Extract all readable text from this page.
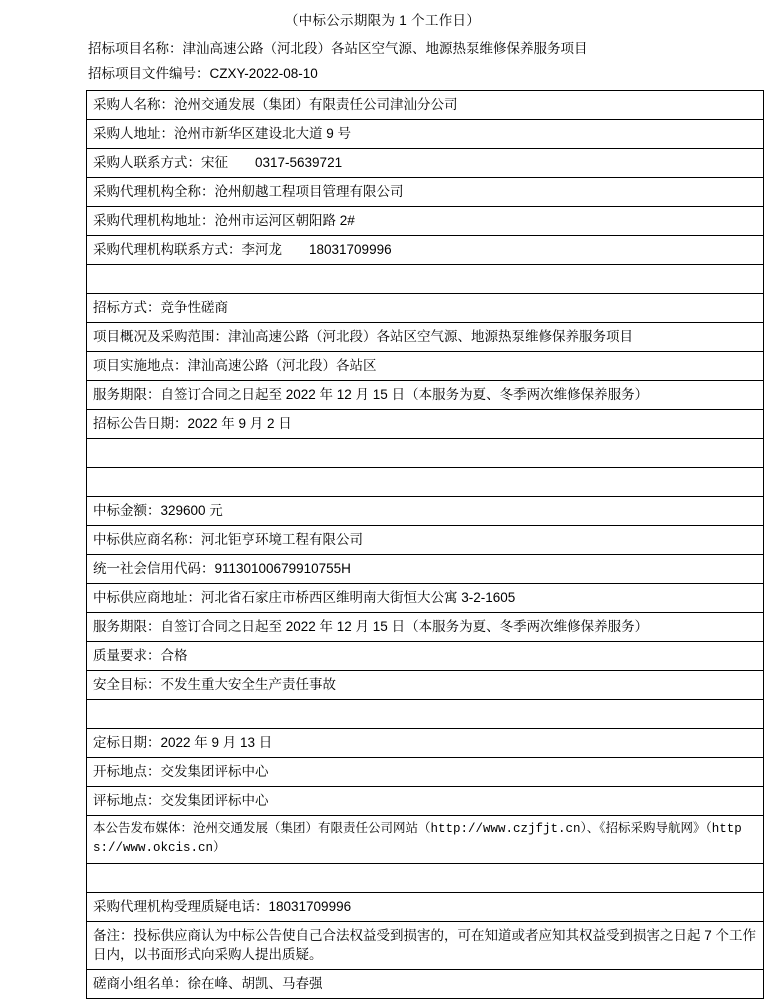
（中标公示期限为 1 个工作日）
招标项目名称：津汕高速公路（河北段）各站区空气源、地源热泵维修保养服务项目
招标项目文件编号：CZXY-2022-08-10
采购人名称：沧州交通发展（集团）有限责任公司津汕分公司

采购人地址：沧州市新华区建设北大道 9 号

采购人联系方式：宋征　　0317-5639721

采购代理机构全称：沧州舠越工程项目管理有限公司

采购代理机构地址：沧州市运河区朝阳路 2#

采购代理机构联系方式：李河龙　　18031709996

招标方式：竞争性磋商

项目概况及采购范围：津汕高速公路（河北段）各站区空气源、地源热泵维修保养服务项目

项目实施地点：津汕高速公路（河北段）各站区

服务期限：自签订合同之日起至 2022 年 12 月 15 日（本服务为夏、冬季两次维修保养服务）

招标公告日期：2022 年 9 月 2 日

中标金额：329600 元

中标供应商名称：河北钜亨环境工程有限公司

统一社会信用代码：91130100679910755H

中标供应商地址：河北省石家庄市桥西区维明南大街恒大公寓 3-2-1605

服务期限：自签订合同之日起至 2022 年 12 月 15 日（本服务为夏、冬季两次维修保养服务）

质量要求：合格

安全目标：不发生重大安全生产责任事故

定标日期：2022 年 9 月 13 日

开标地点：交发集团评标中心

评标地点：交发集团评标中心

本公告发布媒体：沧州交通发展（集团）有限责任公司网站（http://www.czjfjt.cn）、《招标采购导航网》（https://www.okcis.cn）

采购代理机构受理质疑电话：18031709996

备注：投标供应商认为中标公告使自己合法权益受到损害的，可在知道或者应知其权益受到损害之日起 7 个工作日内，以书面形式向采购人提出质疑。

磋商小组名单：徐在峰、胡凯、马春强
